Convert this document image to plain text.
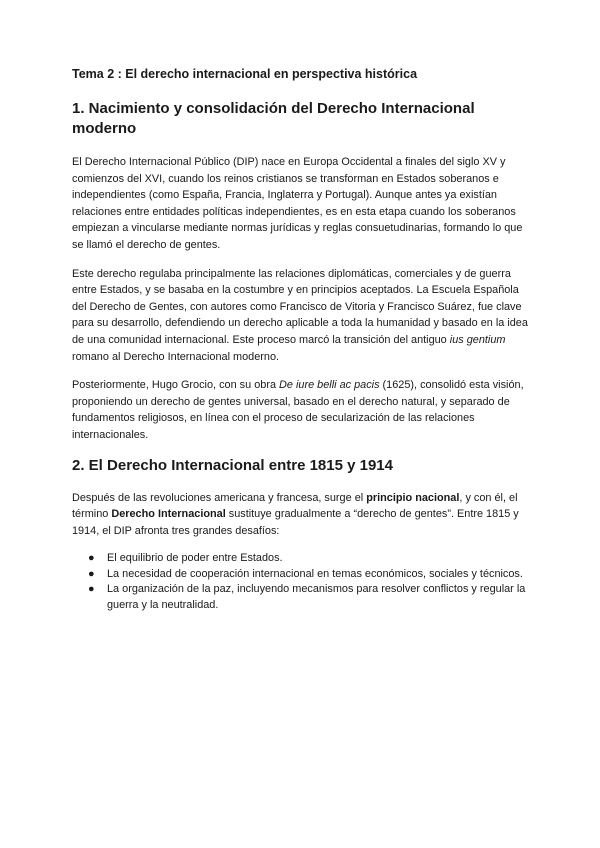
Tema 2 : El derecho internacional en perspectiva histórica
1. Nacimiento y consolidación del Derecho Internacional moderno

El Derecho Internacional Público (DIP) nace en Europa Occidental a finales del siglo XV y comienzos del XVI, cuando los reinos cristianos se transforman en Estados soberanos e independientes (como España, Francia, Inglaterra y Portugal). Aunque antes ya existían relaciones entre entidades políticas independientes, es en esta etapa cuando los soberanos empiezan a vincularse mediante normas jurídicas y reglas consuetudinarias, formando lo que se llamó el derecho de gentes.

Este derecho regulaba principalmente las relaciones diplomáticas, comerciales y de guerra entre Estados, y se basaba en la costumbre y en principios aceptados. La Escuela Española del Derecho de Gentes, con autores como Francisco de Vitoria y Francisco Suárez, fue clave para su desarrollo, defendiendo un derecho aplicable a toda la humanidad y basado en la idea de una comunidad internacional. Este proceso marcó la transición del antiguo ius gentium romano al Derecho Internacional moderno.

Posteriormente, Hugo Grocio, con su obra De iure belli ac pacis (1625), consolidó esta visión, proponiendo un derecho de gentes universal, basado en el derecho natural, y separado de fundamentos religiosos, en línea con el proceso de secularización de las relaciones internacionales.

2. El Derecho Internacional entre 1815 y 1914

Después de las revoluciones americana y francesa, surge el principio nacional, y con él, el término Derecho Internacional sustituye gradualmente a “derecho de gentes”. Entre 1815 y 1914, el DIP afronta tres grandes desafíos:

● El equilibrio de poder entre Estados.
● La necesidad de cooperación internacional en temas económicos, sociales y técnicos.
● La organización de la paz, incluyendo mecanismos para resolver conflictos y regular la guerra y la neutralidad.
